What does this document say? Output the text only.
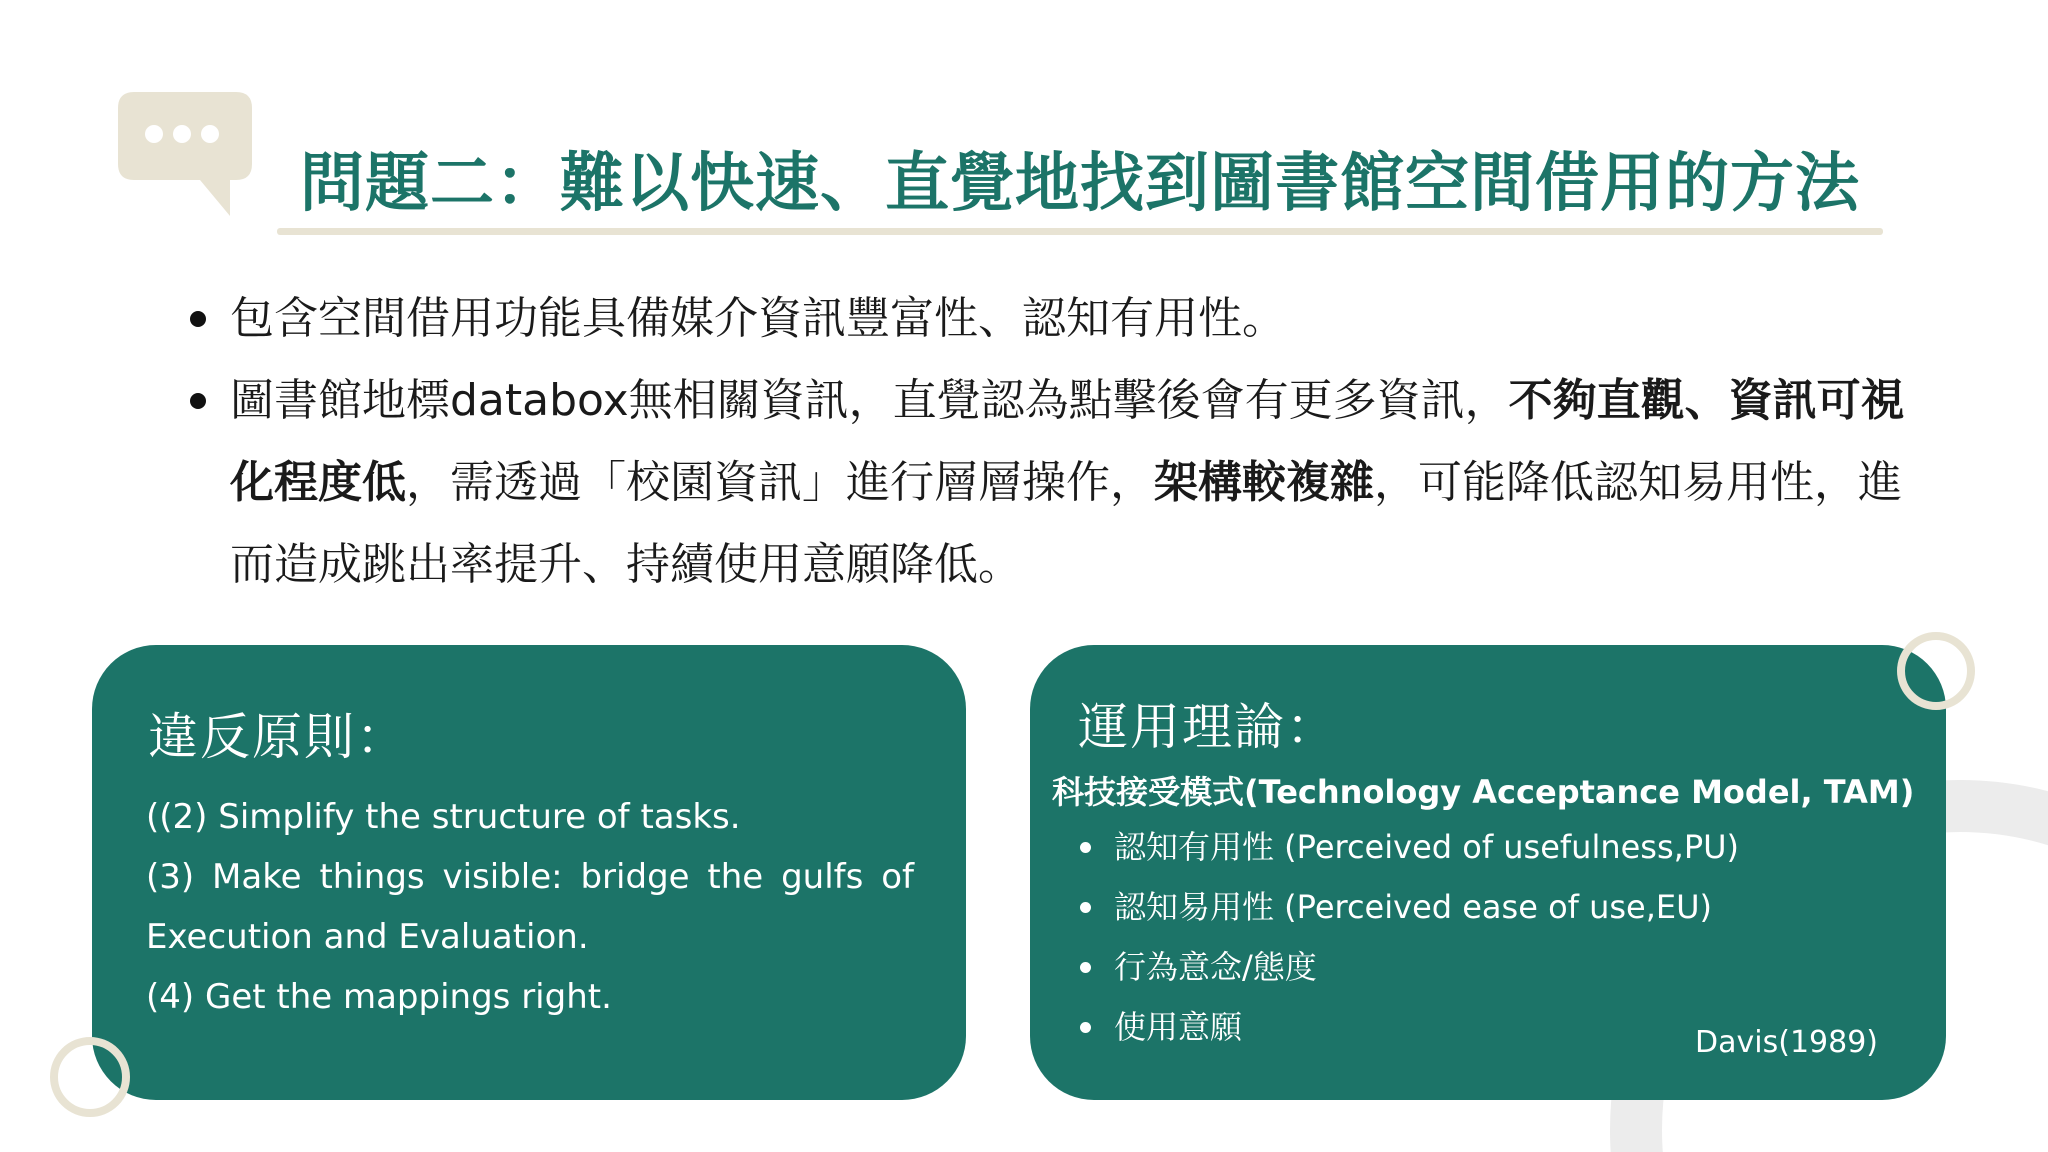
問題二：難以快速、直覺地找到圖書館空間借用的方法
包含空間借用功能具備媒介資訊豐富性、認知有用性。
圖書館地標databox無相關資訊，直覺認為點擊後會有更多資訊，不夠直觀、資訊可視化程度低，需透過「校園資訊」進行層層操作，架構較複雜，可能降低認知易用性，進而造成跳出率提升、持續使用意願降低。
違反原則：
((2) Simplify the structure of tasks.
(3) Make things visible: bridge the gulfs of Execution and Evaluation.
(4) Get the mappings right.
運用理論：
科技接受模式(Technology Acceptance Model, TAM)
認知有用性 (Perceived of usefulness,PU)
認知易用性 (Perceived ease of use,EU)
行為意念/態度
使用意願	Davis(1989)
